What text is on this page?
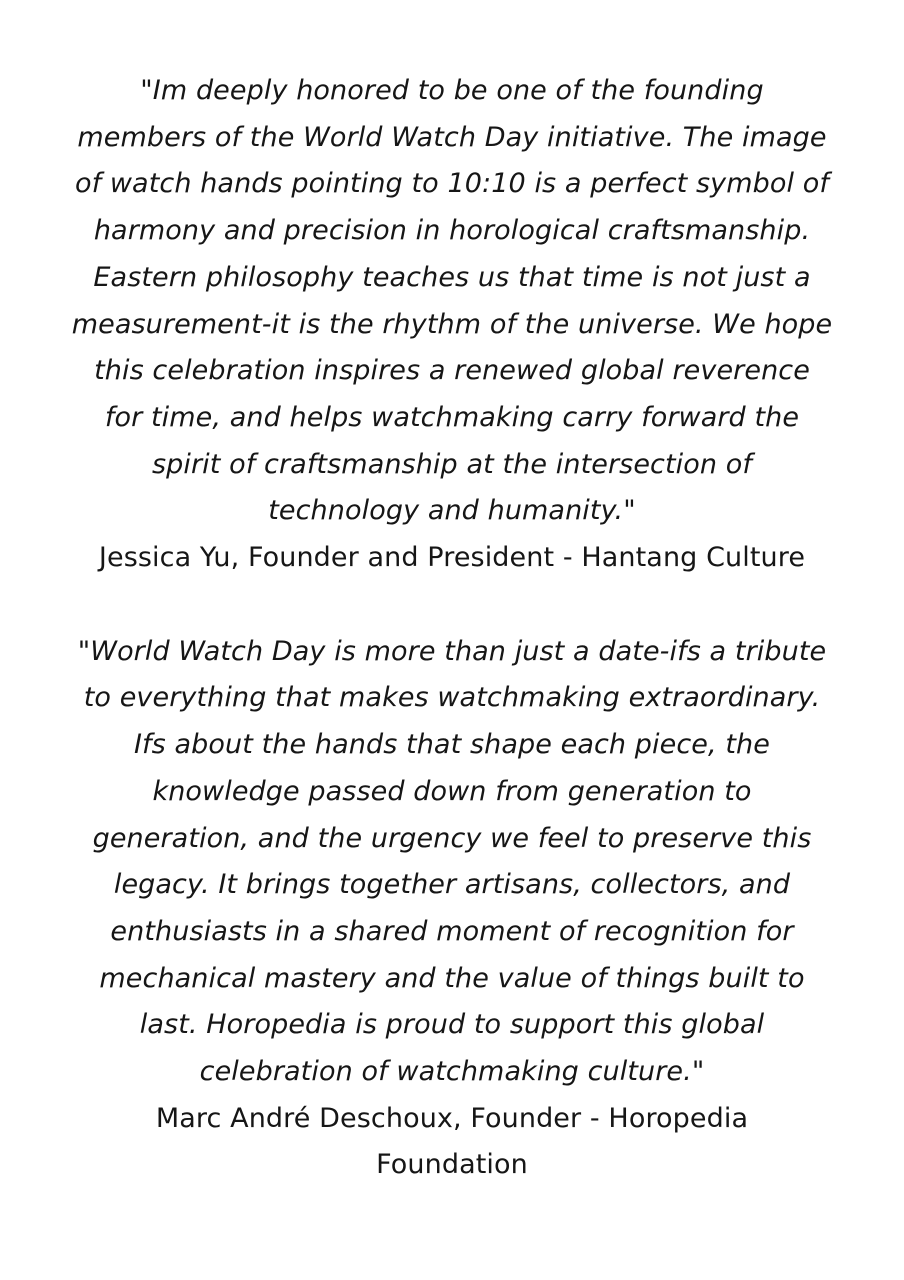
"Im deeply honored to be one of the founding
members of the World Watch Day initiative. The image
of watch hands pointing to 10:10 is a perfect symbol of
harmony and precision in horological craftsmanship.
Eastern philosophy teaches us that time is not just a
measurement-it is the rhythm of the universe. We hope
this celebration inspires a renewed global reverence
for time, and helps watchmaking carry forward the
spirit of craftsmanship at the intersection of
technology and humanity."
Jessica Yu, Founder and President - Hantang Culture
"World Watch Day is more than just a date-ifs a tribute
to everything that makes watchmaking extraordinary.
Ifs about the hands that shape each piece, the
knowledge passed down from generation to
generation, and the urgency we feel to preserve this
legacy. It brings together artisans, collectors, and
enthusiasts in a shared moment of recognition for
mechanical mastery and the value of things built to
last. Horopedia is proud to support this global
celebration of watchmaking culture."
Marc André Deschoux, Founder - Horopedia
Foundation
